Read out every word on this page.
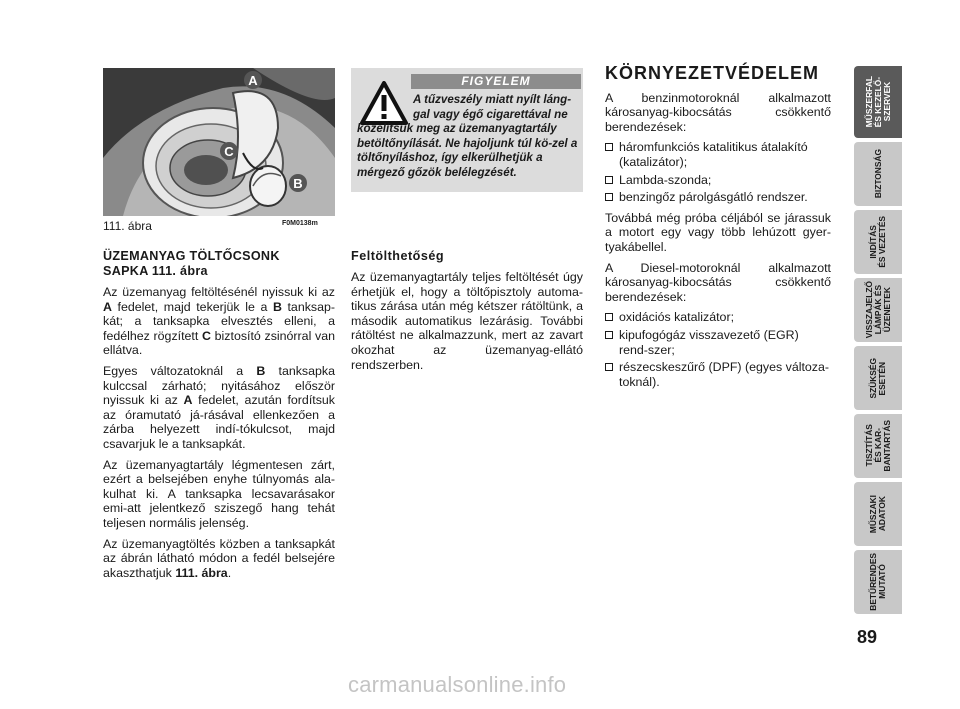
A
C
B
111. ábra	F0M0138m
ÜZEMANYAG TÖLTŐCSONK
SAPKA 111. ábra

Az üzemanyag feltöltésénél nyissuk ki az A fedelet, majd tekerjük le a B tanksap-kát; a tanksapka elvesztés elleni, a fedélhez rögzített C biztosító zsinórral van ellátva.

Egyes változatoknál a B tanksapka kulccsal zárható; nyitásához először nyissuk ki az A fedelet, azután fordítsuk az óramutató já-rásával ellenkezően a zárba helyezett indí-tókulcsot, majd csavarjuk le a tanksapkát.

Az üzemanyagtartály légmentesen zárt, ezért a belsejében enyhe túlnyomás ala-kulhat ki. A tanksapka lecsavarásakor emi-att jelentkező sziszegő hang tehát teljesen normális jelenség.

Az üzemanyagtöltés közben a tanksapkát az ábrán látható módon a fedél belsejére akaszthatjuk 111. ábra.

FIGYELEM
A tűzveszély miatt nyílt láng-
gal vagy égő cigarettával ne
közelítsük meg az üzemanyagtartály betöltőnyílását. Ne hajoljunk túl kö-zel a töltőnyíláshoz, így elkerülhetjük a mérgező gőzök belélegzését.
Feltölthetőség

Az üzemanyagtartály teljes feltöltését úgy érhetjük el, hogy a töltőpisztoly automa-tikus zárása után még kétszer rátöltünk, a második automatikus lezárásig. További rátöltést ne alkalmazzunk, mert az zavart okozhat az üzemanyag-ellátó rendszerben.

KÖRNYEZETVÉDELEM

A benzinmotoroknál alkalmazott károsanyag-kibocsátás csökkentő berendezések:

háromfunkciós katalitikus átalakító (katalizátor);
Lambda-szonda;
benzingőz párolgásgátló rendszer.

Továbbá még próba céljából se járassuk a motort egy vagy több lehúzott gyer-tyakábellel.

A Diesel-motoroknál alkalmazott károsanyag-kibocsátás csökkentő berendezések:

oxidációs katalizátor;
kipufogógáz visszavezető (EGR) rend-szer;
részecskeszűrő (DPF) (egyes változa-toknál).
MŰSZERFAL
ÉS KEZELŐ-
SZERVEK
BIZTONSÁG
INDÍTÁS
ÉS VEZETÉS
VISSZAJELZŐ
LÁMPÁK ÉS
ÜZENETEK
SZÜKSÉG
ESETÉN
TISZTÍTÁS
ÉS KAR-
BANTARTÁS
MŰSZAKI
ADATOK
BETŰRENDES
MUTATÓ
89
carmanualsonline.info
